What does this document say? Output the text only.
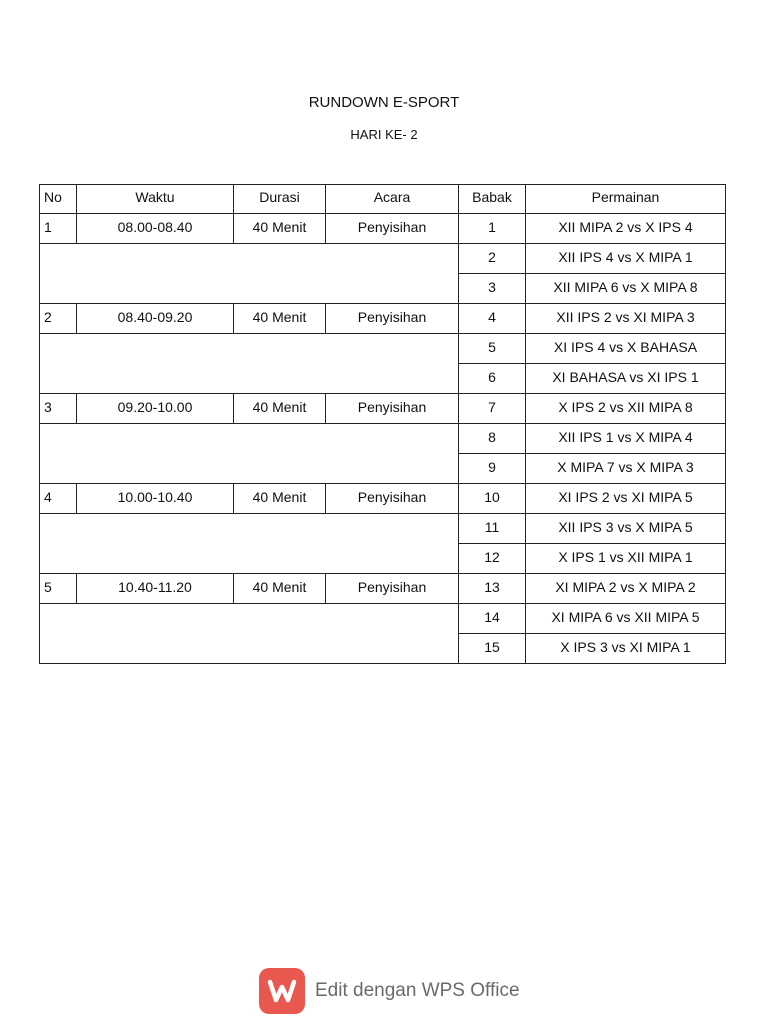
RUNDOWN E-SPORT
HARI KE- 2
No	Waktu	Durasi	Acara	Babak	Permainan
1	08.00-08.40	40 Menit	Penyisihan	1	XII MIPA 2 vs X IPS 4
				2	XII IPS 4 vs X MIPA 1
				3	XII MIPA 6 vs X MIPA 8
2	08.40-09.20	40 Menit	Penyisihan	4	XII IPS 2 vs XI MIPA 3
				5	XI IPS 4 vs X BAHASA
				6	XI BAHASA vs XI IPS 1
3	09.20-10.00	40 Menit	Penyisihan	7	X IPS 2 vs XII MIPA 8
				8	XII IPS 1 vs X MIPA 4
				9	X MIPA 7 vs X MIPA 3
4	10.00-10.40	40 Menit	Penyisihan	10	XI IPS 2 vs XI MIPA 5
				11	XII IPS 3 vs X MIPA 5
				12	X IPS 1 vs XII MIPA 1
5	10.40-11.20	40 Menit	Penyisihan	13	XI MIPA 2 vs X MIPA 2
				14	XI MIPA 6 vs XII MIPA 5
				15	X IPS 3 vs XI MIPA 1
Edit dengan WPS Office
